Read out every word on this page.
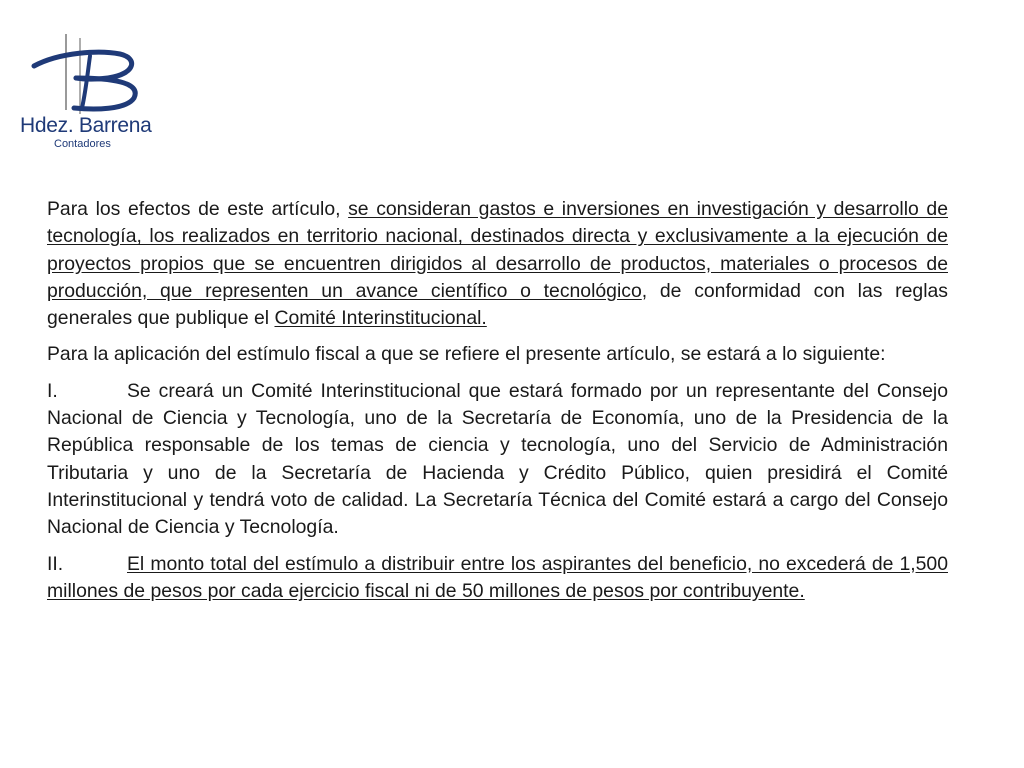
Hdez. Barrena
Contadores

Para los efectos de este artículo, se consideran gastos e inversiones en investigación y desarrollo de tecnología, los realizados en territorio nacional, destinados directa y exclusivamente a la ejecución de proyectos propios que se encuentren dirigidos al desarrollo de productos, materiales o procesos de producción, que representen un avance científico o tecnológico, de conformidad con las reglas generales que publique el Comité Interinstitucional.

Para la aplicación del estímulo fiscal a que se refiere el presente artículo, se estará a lo siguiente:

I.	Se creará un Comité Interinstitucional que estará formado por un representante del Consejo Nacional de Ciencia y Tecnología, uno de la Secretaría de Economía, uno de la Presidencia de la República responsable de los temas de ciencia y tecnología, uno del Servicio de Administración Tributaria y uno de la Secretaría de Hacienda y Crédito Público, quien presidirá el Comité Interinstitucional y tendrá voto de calidad. La Secretaría Técnica del Comité estará a cargo del Consejo Nacional de Ciencia y Tecnología.

II.	El monto total del estímulo a distribuir entre los aspirantes del beneficio, no excederá de 1,500 millones de pesos por cada ejercicio fiscal ni de 50 millones de pesos por contribuyente.
